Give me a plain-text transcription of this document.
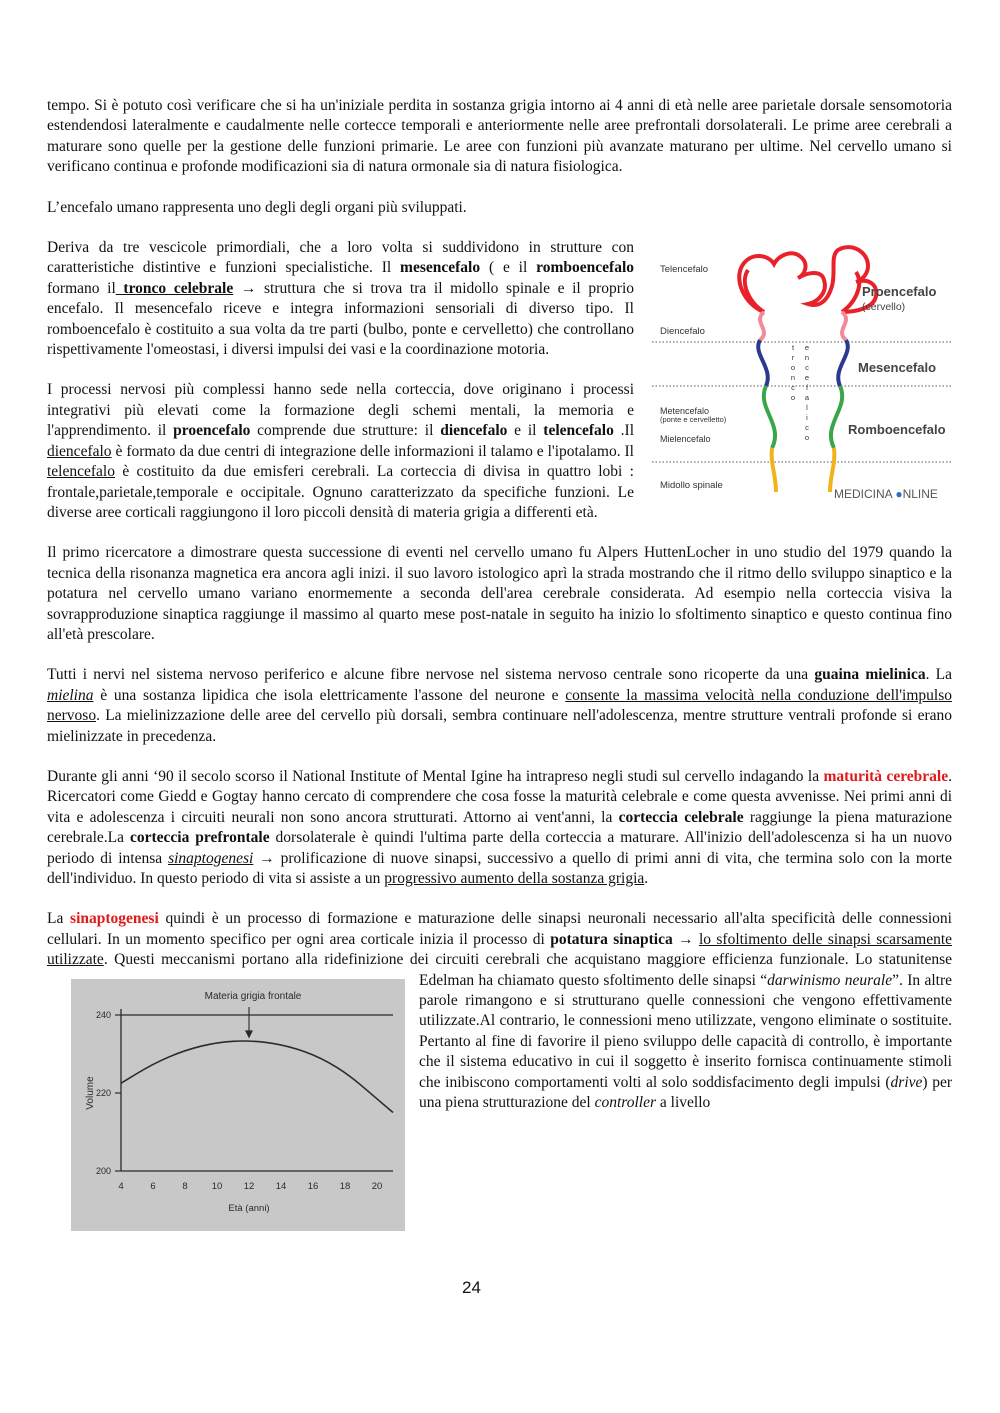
tempo. Si è potuto così verificare che si ha un'iniziale perdita in sostanza grigia intorno ai 4 anni di età nelle aree parietale dorsale sensomotoria estendendosi lateralmente e caudalmente nelle cortecce temporali e anteriormente nelle aree prefrontali dorsolaterali. Le prime aree cerebrali a maturare sono quelle per la gestione delle funzioni primarie. Le aree con funzioni più avanzate maturano per ultime. Nel cervello umano si verificano continua e profonde modificazioni sia di natura ormonale sia di natura fisiologica.

L’encefalo umano rappresenta uno degli degli organi più sviluppati.

t r o n c o
e n c e f a l i c o
Telencefalo
Diencefalo
Metencefalo
(ponte e cervelletto)
Mielencefalo
Midollo spinale
Proencefalo
(cervello)
Mesencefalo
Romboencefalo
MEDICINA ●NLINE

Deriva da tre vescicole primordiali, che a loro volta si suddividono in strutture con caratteristiche distintive e funzioni specialistiche. Il mesencefalo ( e il romboencefalo formano il tronco celebrale → struttura che si trova tra il midollo spinale e il proprio encefalo. Il mesencefalo riceve e integra informazioni sensoriali di diverso tipo. Il romboencefalo è costituito a sua volta da tre parti (bulbo, ponte e cervelletto) che controllano rispettivamente l'omeostasi, i diversi impulsi dei vasi e la coordinazione motoria.

I processi nervosi più complessi hanno sede nella corteccia, dove originano i processi integrativi più elevati come la formazione degli schemi mentali, la memoria e l'apprendimento. il proencefalo comprende due strutture: il diencefalo e il telencefalo .Il diencefalo è formato da due centri di integrazione delle informazioni il talamo e l'ipotalamo. Il telencefalo è costituito da due emisferi cerebrali. La corteccia di divisa in quattro lobi : frontale,parietale,temporale e occipitale. Ognuno caratterizzato da specifiche funzioni. Le diverse aree corticali raggiungono il loro piccoli densità di materia grigia a differenti età.

Il primo ricercatore a dimostrare questa successione di eventi nel cervello umano fu Alpers HuttenLocher in uno studio del 1979 quando la tecnica della risonanza magnetica era ancora agli inizi. il suo lavoro istologico aprì la strada mostrando che il ritmo dello sviluppo sinaptico e la potatura nel cervello umano variano enormemente a seconda dell'area cerebrale considerata. Ad esempio nella corteccia visiva la sovrapproduzione sinaptica raggiunge il massimo al quarto mese post-natale in seguito ha inizio lo sfoltimento sinaptico e questo continua fino all'età prescolare.

Tutti i nervi nel sistema nervoso periferico e alcune fibre nervose nel sistema nervoso centrale sono ricoperte da una guaina mielinica. La mielina è una sostanza lipidica che isola elettricamente l'assone del neurone e consente la massima velocità nella conduzione dell'impulso nervoso. La mielinizzazione delle aree del cervello più dorsali, sembra continuare nell'adolescenza, mentre strutture ventrali profonde si erano mielinizzate in precedenza.

Durante gli anni ‘90 il secolo scorso il National Institute of Mental Igine ha intrapreso negli studi sul cervello indagando la maturità cerebrale. Ricercatori come Giedd e Gogtay hanno cercato di comprendere che cosa fosse la maturità celebrale e come questa avvenisse. Nei primi anni di vita e adolescenza i circuiti neurali non sono ancora strutturati. Attorno ai vent'anni, la corteccia celebrale raggiunge la piena maturazione cerebrale.La corteccia prefrontale dorsolaterale è quindi l'ultima parte della corteccia a maturare. All'inizio dell'adolescenza si ha un nuovo periodo di intensa sinaptogenesi → prolificazione di nuove sinapsi, successivo a quello di primi anni di vita, che termina solo con la morte dell'individuo. In questo periodo di vita si assiste a un progressivo aumento della sostanza grigia.

La sinaptogenesi quindi è un processo di formazione e maturazione delle sinapsi neuronali necessario all'alta specificità delle connessioni cellulari. In un momento specifico per ogni area corticale inizia il processo di potatura sinaptica → lo sfoltimento delle sinapsi scarsamente utilizzate. Questi meccanismi portano alla ridefinizione dei circuiti cerebrali che acquistano maggiore efficienza funzionale. Lo statunitense Edelman ha chiamato questo sfoltimento delle sinapsi “
Materia grigia frontale
200
220
240
4	6	8	10 12 14 16 18 20
Volume
Età (anni)
darwinismo neurale”. In altre parole rimangono e si strutturano quelle connessioni che vengono effettivamente utilizzate.Al contrario, le connessioni meno utilizzate, vengono eliminate o sostituite. Pertanto al fine di favorire il pieno sviluppo delle capacità di controllo, è importante che il sistema educativo in cui il soggetto è inserito fornisca continuamente stimoli che inibiscono comportamenti volti al solo soddisfacimento degli impulsi (drive) per una piena strutturazione del controller a livello

24
